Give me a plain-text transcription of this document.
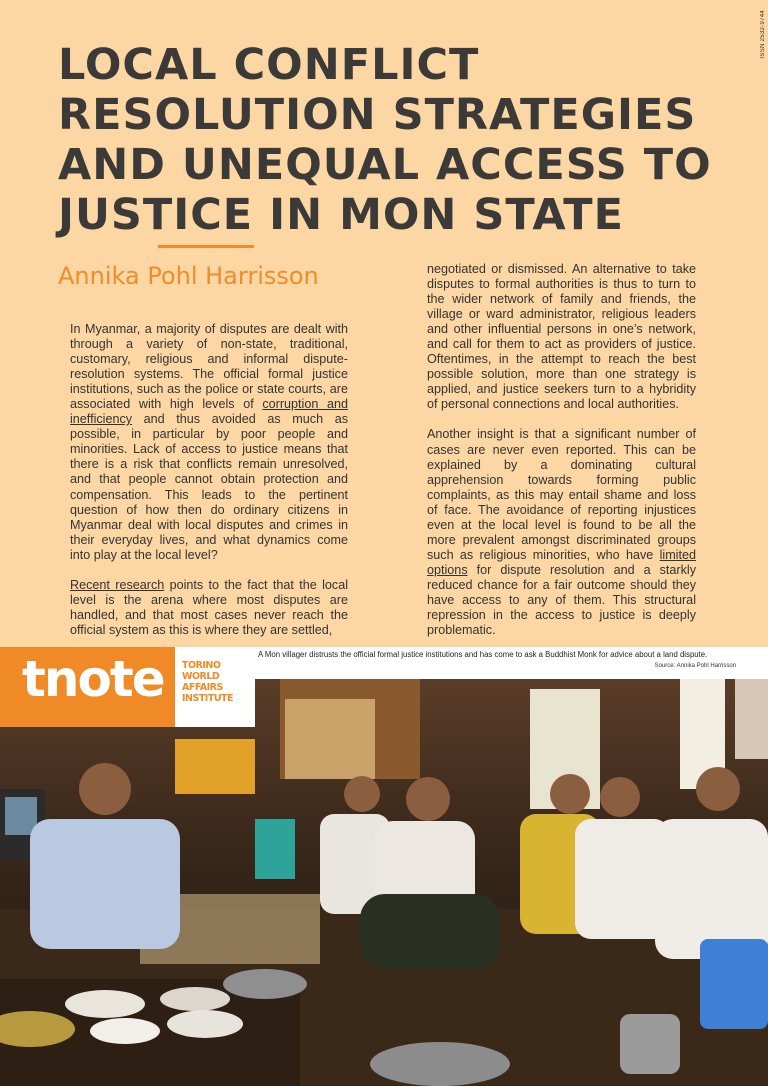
ISSN 2532-9744
LOCAL CONFLICT
RESOLUTION STRATEGIES
AND UNEQUAL ACCESS TO
JUSTICE IN MON STATE
Annika Pohl Harrisson

In Myanmar, a majority of disputes are dealt with through a variety of non-state, traditional, customary, religious and informal dispute-resolution systems. The official formal justice institutions, such as the police or state courts, are associated with high levels of corruption and inefficiency and thus avoided as much as possible, in particular by poor people and minorities. Lack of access to justice means that there is a risk that conflicts remain unresolved, and that people cannot obtain protection and compensation. This leads to the pertinent question of how then do ordinary citizens in Myanmar deal with local disputes and crimes in their everyday lives, and what dynamics come into play at the local level?

Recent research points to the fact that the local level is the arena where most disputes are handled, and that most cases never reach the official system as this is where they are settled,

negotiated or dismissed. An alternative to take disputes to formal authorities is thus to turn to the wider network of family and friends, the village or ward administrator, religious leaders and other influential persons in one’s network, and call for them to act as providers of justice. Oftentimes, in the attempt to reach the best possible solution, more than one strategy is applied, and justice seekers turn to a hybridity of personal connections and local authorities.

Another insight is that a significant number of cases are never even reported. This can be explained by a dominating cultural apprehension towards forming public complaints, as this may entail shame and loss of face. The avoidance of reporting injustices even at the local level is found to be all the more prevalent amongst discriminated groups such as religious minorities, who have limited options for dispute resolution and a starkly reduced chance for a fair outcome should they have access to any of them. This structural repression in the access to justice is deeply problematic.

A Mon villager distrusts the official formal justice institutions and has come to ask a Buddhist Monk for advice about a land dispute.
Source: Annika Pohl Harrisson
tnote TORINO
WORLD
AFFAIRS
INSTITUTE
